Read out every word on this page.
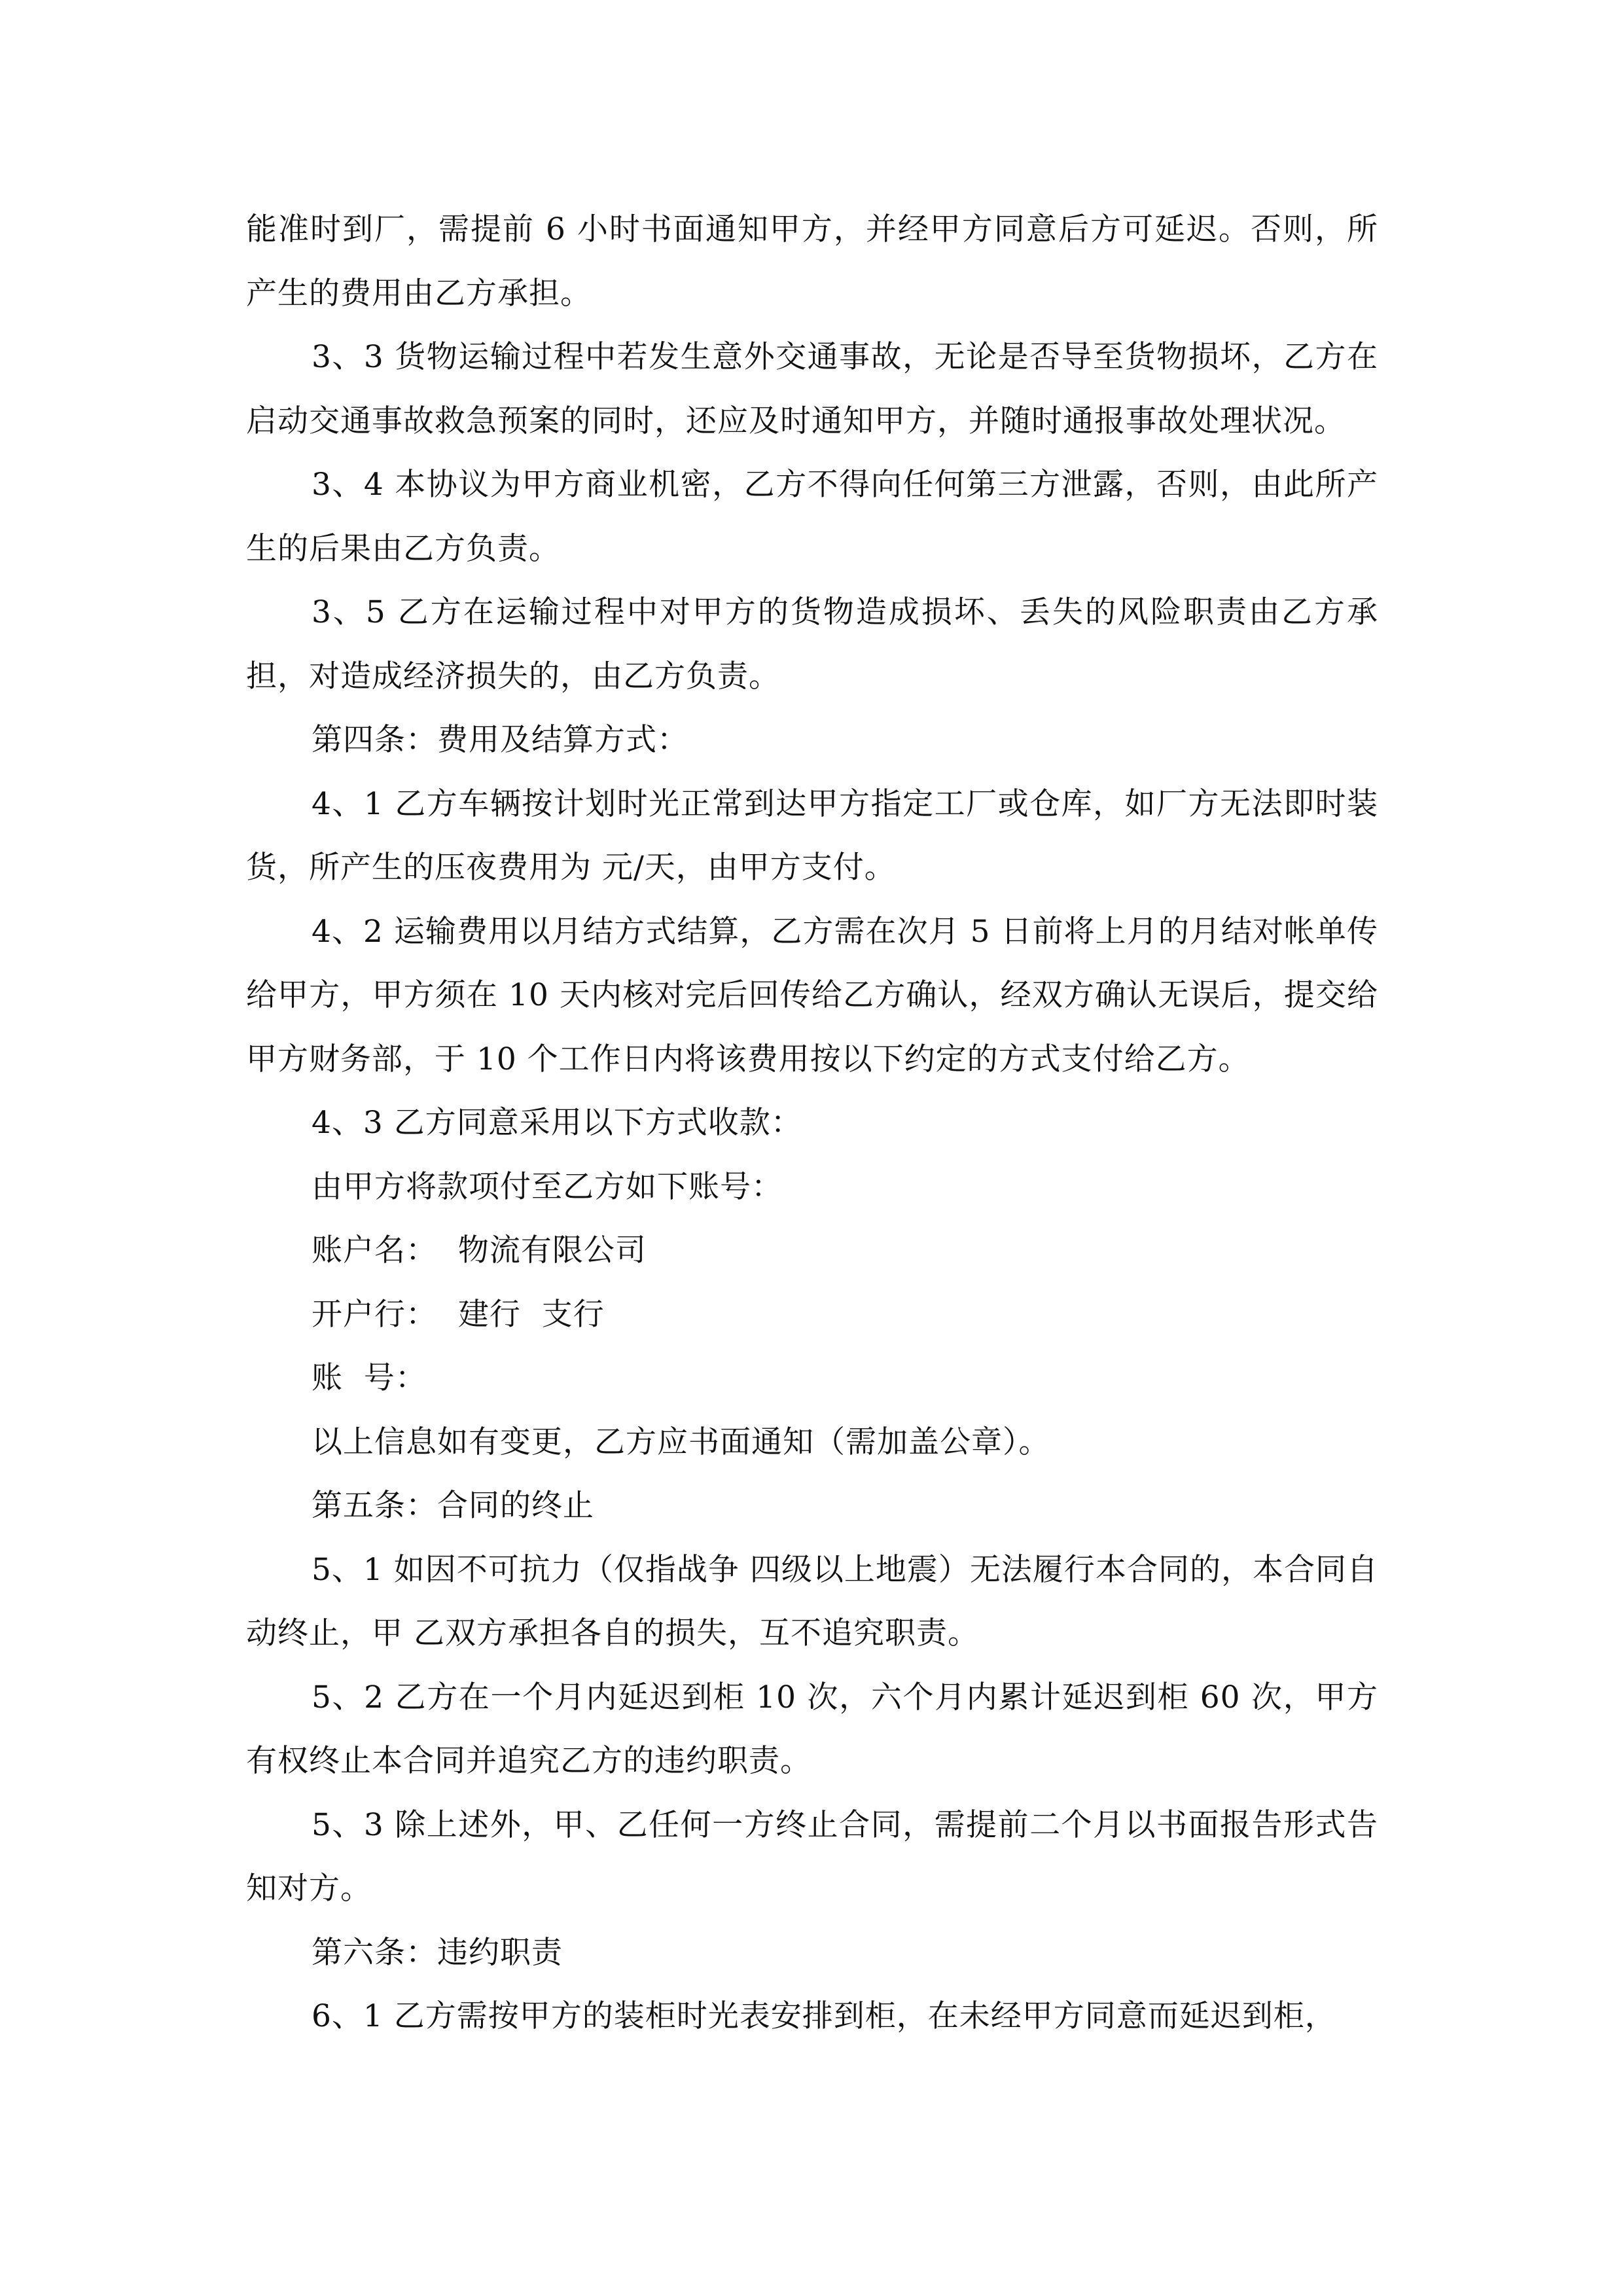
能准时到厂，需提前 6 小时书面通知甲方，并经甲方同意后方可延迟。否则，所产生的费用由乙方承担。

3、3 货物运输过程中若发生意外交通事故，无论是否导至货物损坏，乙方在启动交通事故救急预案的同时，还应及时通知甲方，并随时通报事故处理状况。

3、4 本协议为甲方商业机密，乙方不得向任何第三方泄露，否则，由此所产生的后果由乙方负责。

3、5 乙方在运输过程中对甲方的货物造成损坏、丢失的风险职责由乙方承担，对造成经济损失的，由乙方负责。

第四条：费用及结算方式：

4、1 乙方车辆按计划时光正常到达甲方指定工厂或仓库，如厂方无法即时装货，所产生的压夜费用为 元/天，由甲方支付。

4、2 运输费用以月结方式结算，乙方需在次月 5 日前将上月的月结对帐单传给甲方，甲方须在 10 天内核对完后回传给乙方确认，经双方确认无误后，提交给甲方财务部，于 10 个工作日内将该费用按以下约定的方式支付给乙方。

4、3 乙方同意采用以下方式收款：

由甲方将款项付至乙方如下账号：

账户名：  物流有限公司

开户行：  建行  支行

账  号：

以上信息如有变更，乙方应书面通知（需加盖公章）。

第五条：合同的终止

5、1 如因不可抗力（仅指战争 四级以上地震）无法履行本合同的，本合同自动终止，甲 乙双方承担各自的损失，互不追究职责。

5、2 乙方在一个月内延迟到柜 10 次，六个月内累计延迟到柜 60 次，甲方有权终止本合同并追究乙方的违约职责。

5、3 除上述外，甲、乙任何一方终止合同，需提前二个月以书面报告形式告知对方。

第六条：违约职责

6、1 乙方需按甲方的装柜时光表安排到柜，在未经甲方同意而延迟到柜，
